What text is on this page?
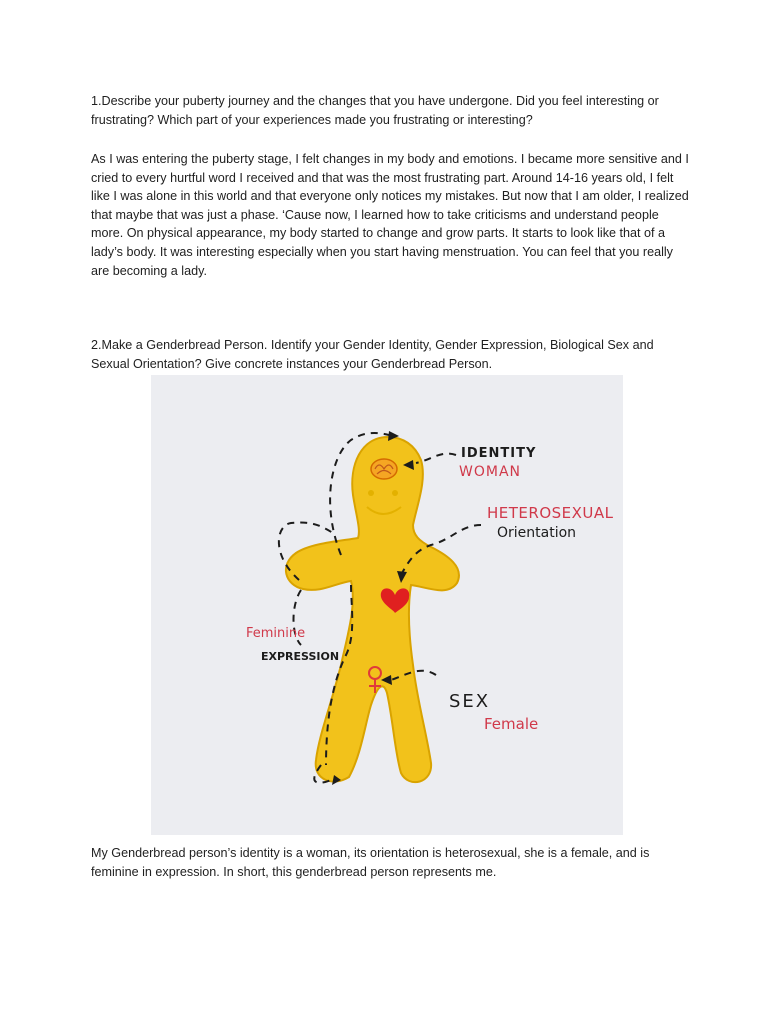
1.Describe your puberty journey and the changes that you have undergone. Did you feel interesting or frustrating? Which part of your experiences made you frustrating or interesting?

As I was entering the puberty stage, I felt changes in my body and emotions. I became more sensitive and I cried to every hurtful word I received and that was the most frustrating part. Around 14-16 years old, I felt like I was alone in this world and that everyone only notices my mistakes. But now that I am older, I realized that maybe that was just a phase. ‘Cause now, I learned how to take criticisms and understand people more. On physical appearance, my body started to change and grow parts. It starts to look like that of a lady’s body. It was interesting especially when you start having menstruation. You can feel that you really are becoming a lady.

2.Make a Genderbread Person. Identify your Gender Identity, Gender Expression, Biological Sex and Sexual Orientation? Give concrete instances your Genderbread Person.

IDENTITY
WOMAN
HETEROSEXUAL
Orientation
Feminine
EXPRESSION
SEX
Female

My Genderbread person’s identity is a woman, its orientation is heterosexual, she is a female, and is feminine in expression. In short, this genderbread person represents me.
